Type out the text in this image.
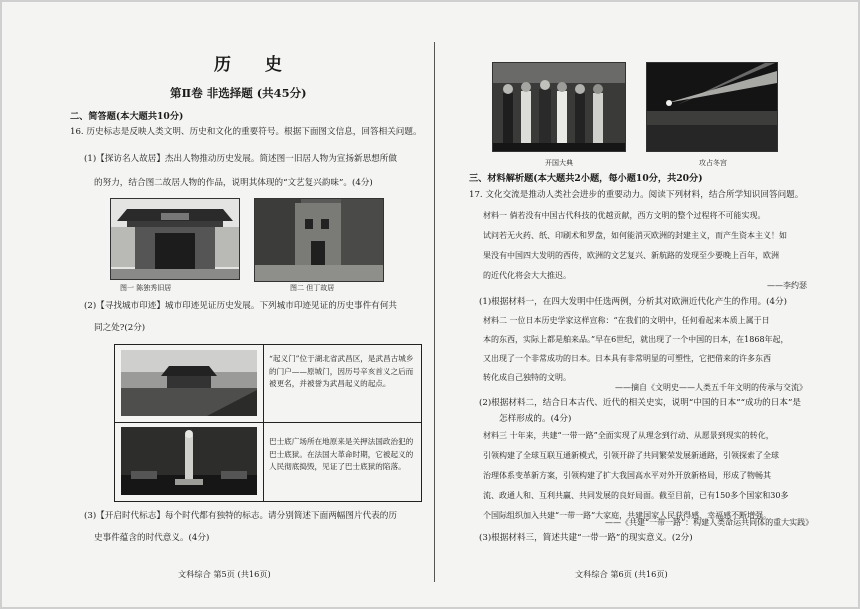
历 史
第Ⅱ卷 非选择题 (共45分)
二、简答题(本大题共10分)
16. 历史标志是反映人类文明、历史和文化的重要符号。根据下面图文信息，回答相关问题。
(1)【探访名人故居】杰出人物推动历史发展。简述图一旧居人物为宣扬新思想所做
的努力，结合图二故居人物的作品，说明其体现的“文艺复兴韵味”。(4分)
图一 陈独秀旧居	图二 但丁故居
(2)【寻找城市印迹】城市印迹见证历史发展。下列城市印迹见证的历史事件有何共
同之处?(2分)
“起义门”位于湖北省武昌区，是武昌古城乡的门户——原城门，因历号辛亥首义之后而被更名，并被誉为武昌起义的起点。
巴士底广场所在地原来是关押法国政治犯的巴士底狱。在法国大革命时期，它被起义的人民彻底捣毁，见证了巴士底狱的陷落。
(3)【开启时代标志】每个时代都有独特的标志。请分别简述下面两幅图片代表的历
史事件蕴含的时代意义。(4分)
文科综合 第5页 (共16页)
开国大典	攻占冬宫
三、材料解析题(本大题共2小题，每小题10分，共20分)
17. 文化交流是推动人类社会进步的重要动力。阅读下列材料，结合所学知识回答问题。
材料一 倘若没有中国古代科技的优越贡献，西方文明的整个过程将不可能实现。
试问若无火药、纸、印刷术和罗盘，如何能消灭欧洲的封建主义，而产生资本主义！如
果没有中国四大发明的西传，欧洲的文艺复兴、新航路的发现至少要晚上百年，欧洲
的近代化将会大大推迟。
——李约瑟
(1)根据材料一，在四大发明中任选两例，分析其对欧洲近代化产生的作用。(4分)
材料二 一位日本历史学家这样宣称：“在我们的文明中，任何看起来本质上属于日
本的东西，实际上都是舶来品。”早在6世纪，就出现了一个中国的日本，在1868年起，
又出现了一个非常成功的日本。日本具有非常明显的可塑性，它把借来的许多东西
转化成自己独特的文明。
——摘自《文明史——人类五千年文明的传承与交流》
(2)根据材料二，结合日本古代、近代的相关史实，说明“中国的日本”“成功的日本”是
怎样形成的。(4分)
材料三 十年来，共建“一带一路”全面实现了从理念到行动、从愿景到现实的转化，
引领构建了全球互联互通新模式，引领开辟了共同繁荣发展新通路，引领探索了全球
治理体系变革新方案，引领构建了扩大我国高水平对外开放新格局，形成了物畅其
流、政通人和、互利共赢、共同发展的良好局面。截至目前，已有150多个国家和30多
个国际组织加入共建“一带一路”大家庭，共建国家人民获得感、幸福感不断增强。
——《共建“一带一路”：构建人类命运共同体的重大实践》
(3)根据材料三，简述共建“一带一路”的现实意义。(2分)
文科综合 第6页 (共16页)
